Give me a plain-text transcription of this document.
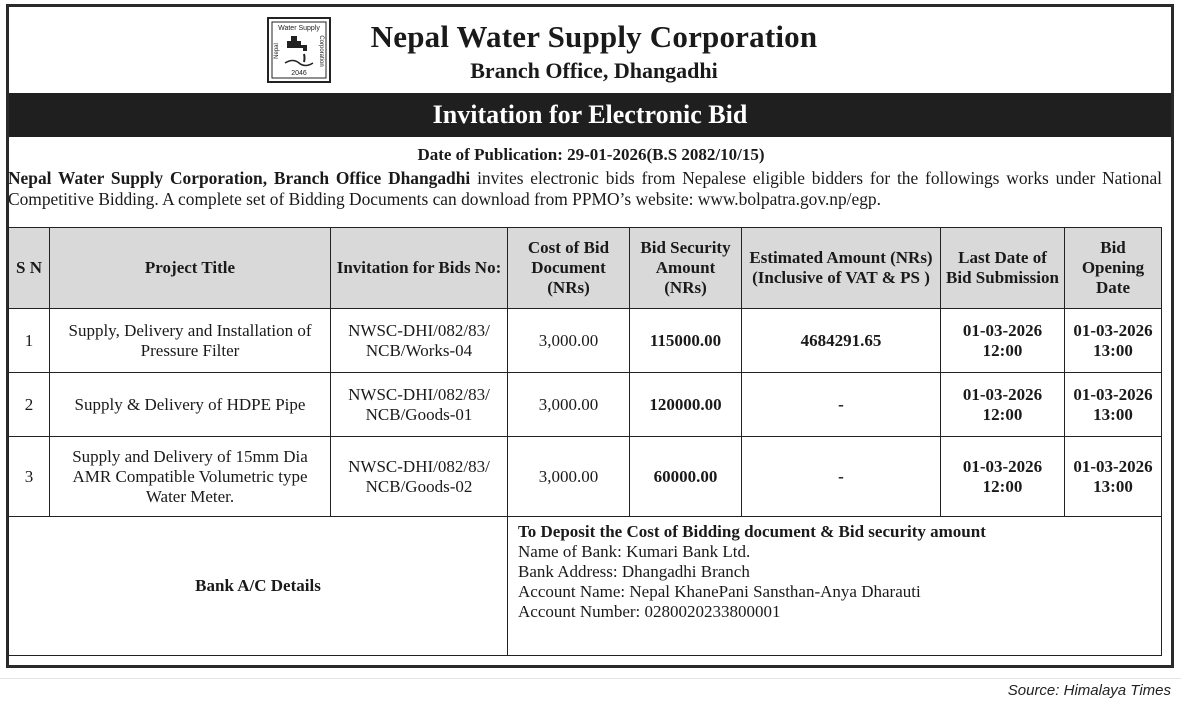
Water Supply
Nepal	Corporation
2046
Nepal Water Supply Corporation
Branch Office, Dhangadhi
Invitation for Electronic Bid
Date of Publication: 29-01-2026(B.S 2082/10/15)
Nepal Water Supply Corporation, Branch Office Dhangadhi invites electronic bids from Nepalese eligible bidders for the followings works under National Competitive Bidding. A complete set of Bidding Documents can download from PPMO’s website: www.bolpatra.gov.np/egp.
S N	Project Title	Invitation for Bids No:	Cost of Bid Document (NRs)	Bid Security Amount (NRs)	Estimated Amount (NRs) (Inclusive of VAT & PS )	Last Date of Bid Submission	Bid Opening Date
1	Supply, Delivery and Installation of Pressure Filter	NWSC-DHI/082/83/ NCB/Works-04	3,000.00	115000.00	4684291.65	01-03-2026 12:00	01-03-2026 13:00
2	Supply & Delivery of HDPE Pipe	NWSC-DHI/082/83/ NCB/Goods-01	3,000.00	120000.00	-	01-03-2026 12:00	01-03-2026 13:00
3	Supply and Delivery of 15mm Dia AMR Compatible Volumetric type Water Meter.	NWSC-DHI/082/83/ NCB/Goods-02	3,000.00	60000.00	-	01-03-2026 12:00	01-03-2026 13:00
Bank A/C Details			To Deposit the Cost of Bidding document & Bid security amount
Name of Bank: Kumari Bank Ltd.
Bank Address: Dhangadhi Branch
Account Name: Nepal KhanePani Sansthan-Anya Dharauti
Account Number: 0280020233800001				
Source: Himalaya Times
